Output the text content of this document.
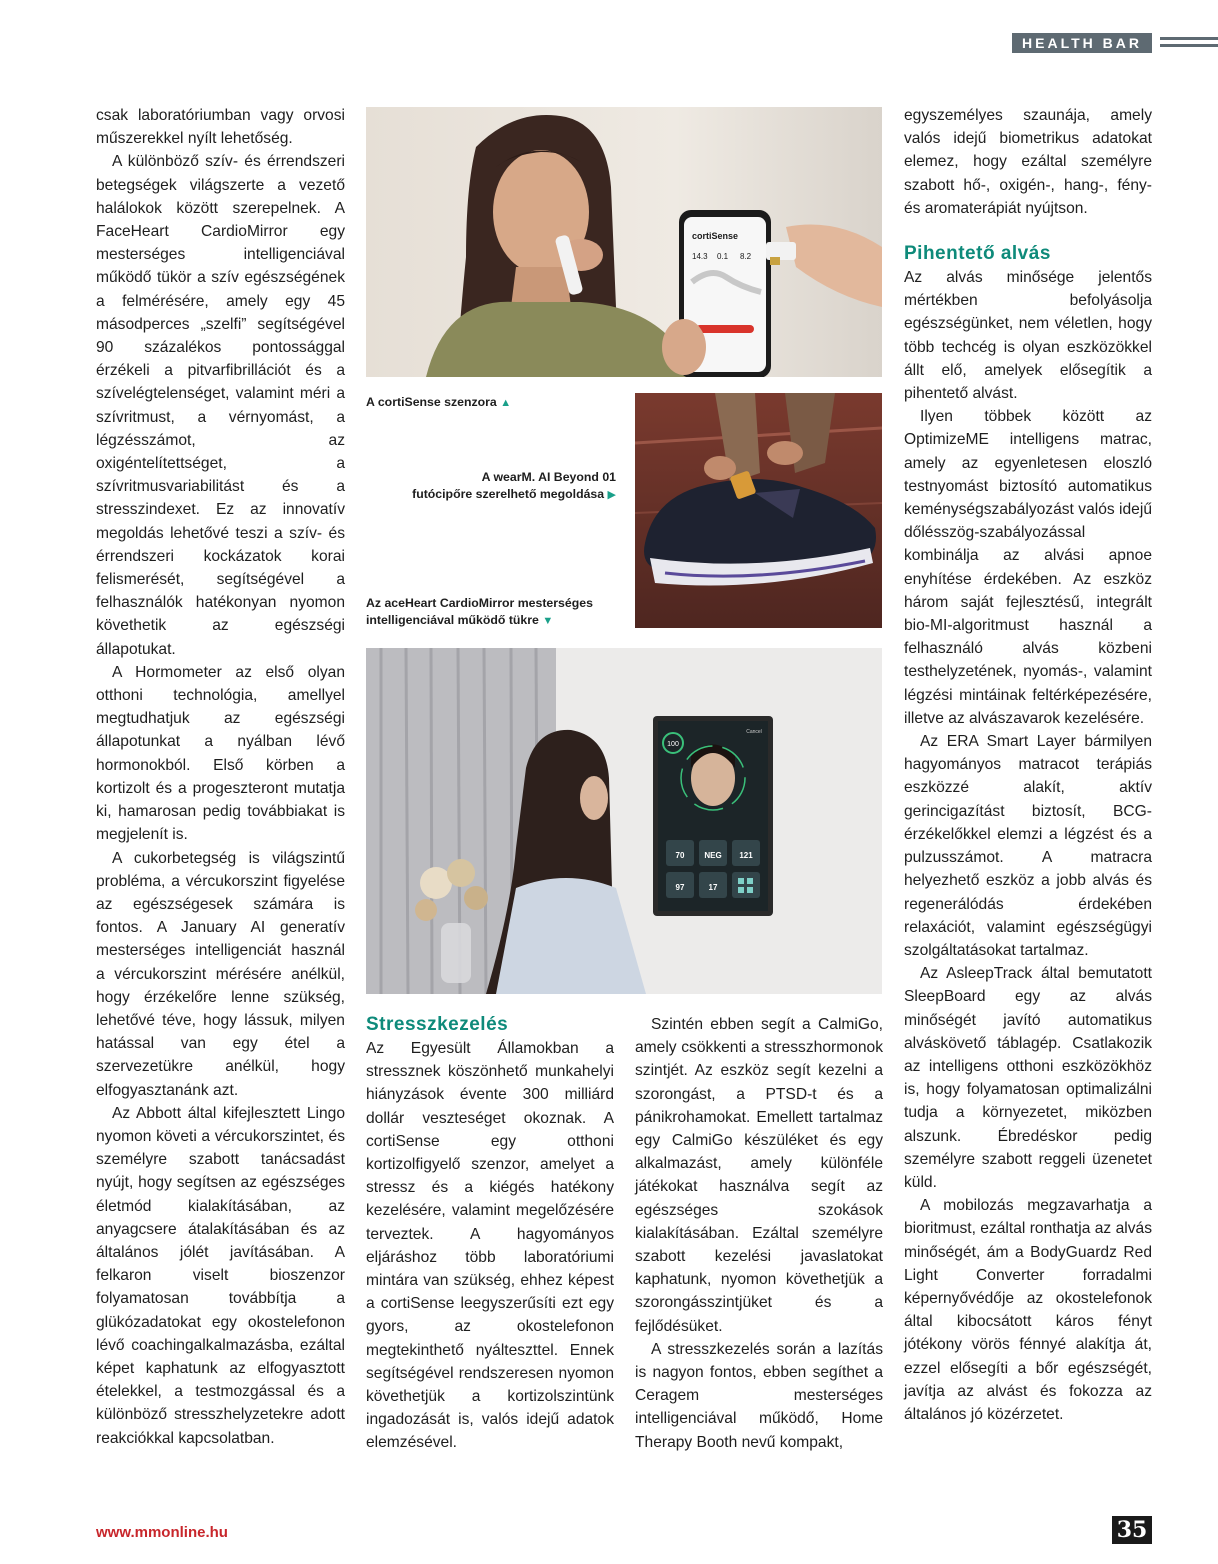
HEALTH BAR

csak laboratóriumban vagy orvosi műszerekkel nyílt lehetőség.

A különböző szív- és érrendszeri betegségek világszerte a vezető halálokok között szerepelnek. A FaceHeart CardioMirror egy mesterséges intelligenciával működő tükör a szív egészségének a felmérésére, amely egy 45 másodperces „szelfi” segítségével 90 százalékos pontossággal érzékeli a pitvarfibrillációt és a szívelégtelenséget, valamint méri a szívritmust, a vérnyomást, a légzésszámot, az oxigéntelítettséget, a szívritmusvariabilitást és a stresszindexet. Ez az innovatív megoldás lehetővé teszi a szív- és érrendszeri kockázatok korai felismerését, segítségével a felhasználók hatékonyan nyomon követhetik az egészségi állapotukat.

A Hormometer az első olyan otthoni technológia, amellyel megtudhatjuk az egészségi állapotunkat a nyálban lévő hormonokból. Első körben a kortizolt és a progeszteront mutatja ki, hamarosan pedig továbbiakat is megjelenít is.

A cukorbetegség is világszintű probléma, a vércukorszint figyelése az egészségesek számára is fontos. A January AI generatív mesterséges intelligenciát használ a vércukorszint mérésére anélkül, hogy érzékelőre lenne szükség, lehetővé téve, hogy lássuk, milyen hatással van egy étel a szervezetükre anélkül, hogy elfogyasztanánk azt.

Az Abbott által kifejlesztett Lingo nyomon követi a vércukorszintet, és személyre szabott tanácsadást nyújt, hogy segítsen az egészséges életmód kialakításában, az anyagcsere átalakításában és az általános jólét javításában. A felkaron viselt bioszenzor folyamatosan továbbítja a glükózadatokat egy okostelefonon lévő coachingalkalmazásba, ezáltal képet kaphatunk az elfogyasztott ételekkel, a testmozgással és a különböző stresszhelyzetekre adott reakciókkal kapcsolatban.

cortiSense
14.3 0.1 8.2
A cortiSense szenzora ▲
A wearM. AI Beyond 01
futócipőre szerelhető megoldása ▶
Az aceHeart CardioMirror mesterséges
intelligenciával működő tükre ▼
100
Cancel
70 NEG 121
97	17
Stresszkezelés

Az Egyesült Államokban a stressznek köszönhető munkahelyi hiányzások évente 300 milliárd dollár veszteséget okoznak. A cortiSense egy otthoni kortizolfigyelő szenzor, amelyet a stressz és a kiégés hatékony kezelésére, valamint megelőzésére terveztek. A hagyományos eljáráshoz több laboratóriumi mintára van szükség, ehhez képest a cortiSense leegyszerűsíti ezt egy gyors, az okostelefonon megtekinthető nyálteszttel. Ennek segítségével rendszeresen nyomon követhetjük a kortizolszintünk ingadozását is, valós idejű adatok elemzésével.

Szintén ebben segít a CalmiGo, amely csökkenti a stresszhormonok szintjét. Az eszköz segít kezelni a szorongást, a PTSD-t és a pánikrohamokat. Emellett tartalmaz egy CalmiGo készüléket és egy alkalmazást, amely különféle játékokat használva segít az egészséges szokások kialakításában. Ezáltal személyre szabott kezelési javaslatokat kaphatunk, nyomon követhetjük a szorongásszintjüket és a fejlődésüket.

A stresszkezelés során a lazítás is nagyon fontos, ebben segíthet a Ceragem mesterséges intelligenciával működő, Home Therapy Booth nevű kompakt,

egyszemélyes szaunája, amely valós idejű biometrikus adatokat elemez, hogy ezáltal személyre szabott hő-, oxigén-, hang-, fény- és aromaterápiát nyújtson.

Pihentető alvás

Az alvás minősége jelentős mértékben befolyásolja egészségünket, nem véletlen, hogy több techcég is olyan eszközökkel állt elő, amelyek elősegítik a pihentető alvást.

Ilyen többek között az OptimizeME intelligens matrac, amely az egyenletesen eloszló testnyomást biztosító automatikus keménységszabályozást valós idejű dőlésszög-szabályozással kombinálja az alvási apnoe enyhítése érdekében. Az eszköz három saját fejlesztésű, integrált bio-MI-algoritmust használ a felhasználó alvás közbeni testhelyzetének, nyomás-, valamint légzési mintáinak feltérképezésére, illetve az alvászavarok kezelésére.

Az ERA Smart Layer bármilyen hagyományos matracot terápiás eszközzé alakít, aktív gerincigazítást biztosít, BCG-érzékelőkkel elemzi a légzést és a pulzusszámot. A matracra helyezhető eszköz a jobb alvás és regenerálódás érdekében relaxációt, valamint egészségügyi szolgáltatásokat tartalmaz.

Az AsleepTrack által bemutatott SleepBoard egy az alvás minőségét javító automatikus alváskövető táblagép. Csatlakozik az intelligens otthoni eszközökhöz is, hogy folyamatosan optimalizálni tudja a környezetet, miközben alszunk. Ébredéskor pedig személyre szabott reggeli üzenetet küld.

A mobilozás megzavarhatja a bioritmust, ezáltal ronthatja az alvás minőségét, ám a BodyGuardz Red Light Converter forradalmi képernyővédője az okostelefonok által kibocsátott káros fényt jótékony vörös fénnyé alakítja át, ezzel elősegíti a bőr egészségét, javítja az alvást és fokozza az általános jó közérzetet.

www.mmonline.hu	35
